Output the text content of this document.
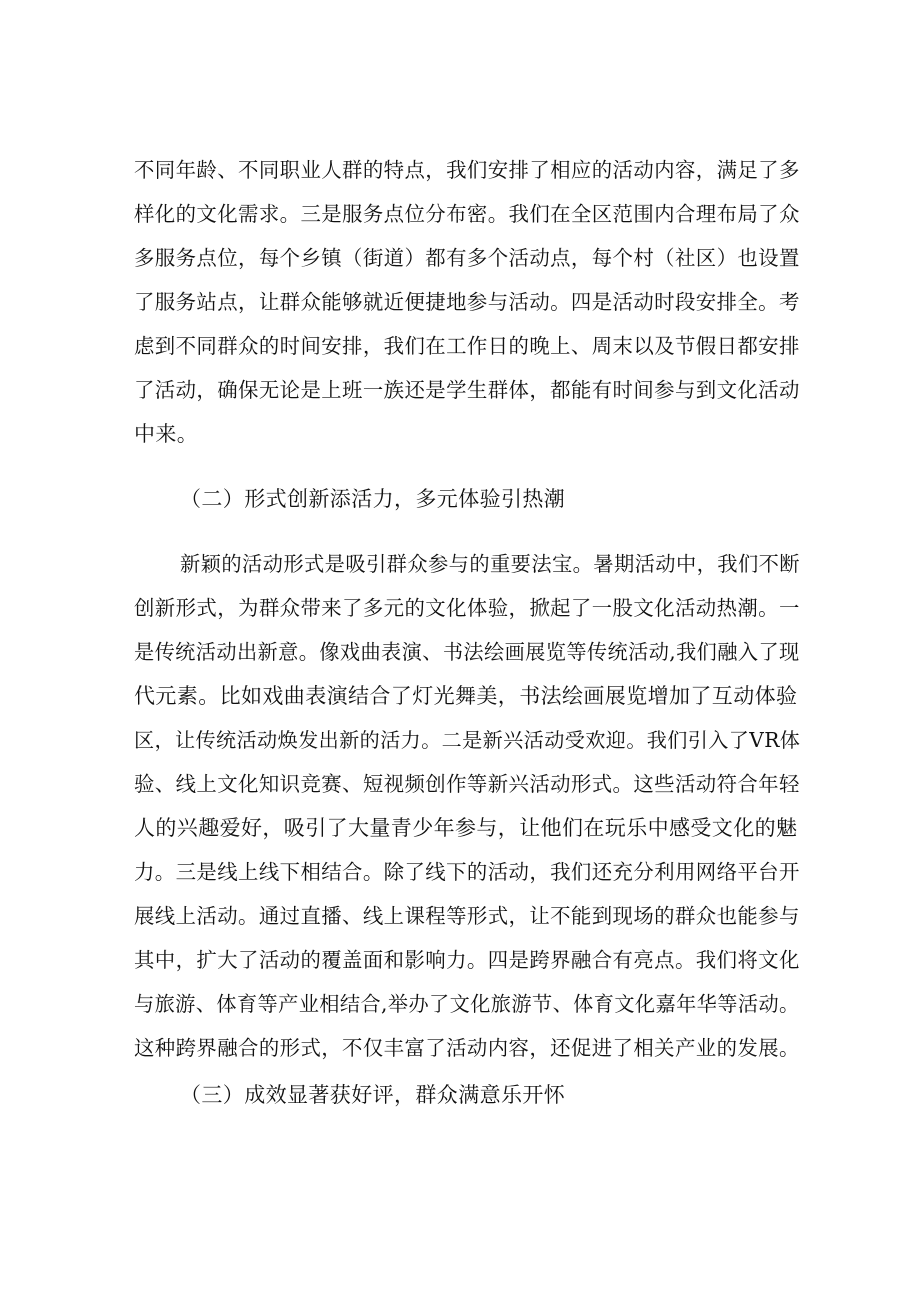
不同年龄、不同职业人群的特点，我们安排了相应的活动内容，满足了多
样化的文化需求。三是服务点位分布密。我们在全区范围内合理布局了众
多服务点位，每个乡镇（街道）都有多个活动点，每个村（社区）也设置
了服务站点，让群众能够就近便捷地参与活动。四是活动时段安排全。考
虑到不同群众的时间安排，我们在工作日的晚上、周末以及节假日都安排
了活动，确保无论是上班一族还是学生群体，都能有时间参与到文化活动
中来。
（二）形式创新添活力，多元体验引热潮
新颖的活动形式是吸引群众参与的重要法宝。暑期活动中，我们不断
创新形式，为群众带来了多元的文化体验，掀起了一股文化活动热潮。一
是传统活动出新意。像戏曲表演、书法绘画展览等传统活动,我们融入了现
代元素。比如戏曲表演结合了灯光舞美，书法绘画展览增加了互动体验
区，让传统活动焕发出新的活力。二是新兴活动受欢迎。我们引入了VR体
验、线上文化知识竞赛、短视频创作等新兴活动形式。这些活动符合年轻
人的兴趣爱好，吸引了大量青少年参与，让他们在玩乐中感受文化的魅
力。三是线上线下相结合。除了线下的活动，我们还充分利用网络平台开
展线上活动。通过直播、线上课程等形式，让不能到现场的群众也能参与
其中，扩大了活动的覆盖面和影响力。四是跨界融合有亮点。我们将文化
与旅游、体育等产业相结合,举办了文化旅游节、体育文化嘉年华等活动。
这种跨界融合的形式，不仅丰富了活动内容，还促进了相关产业的发展。
（三）成效显著获好评，群众满意乐开怀
